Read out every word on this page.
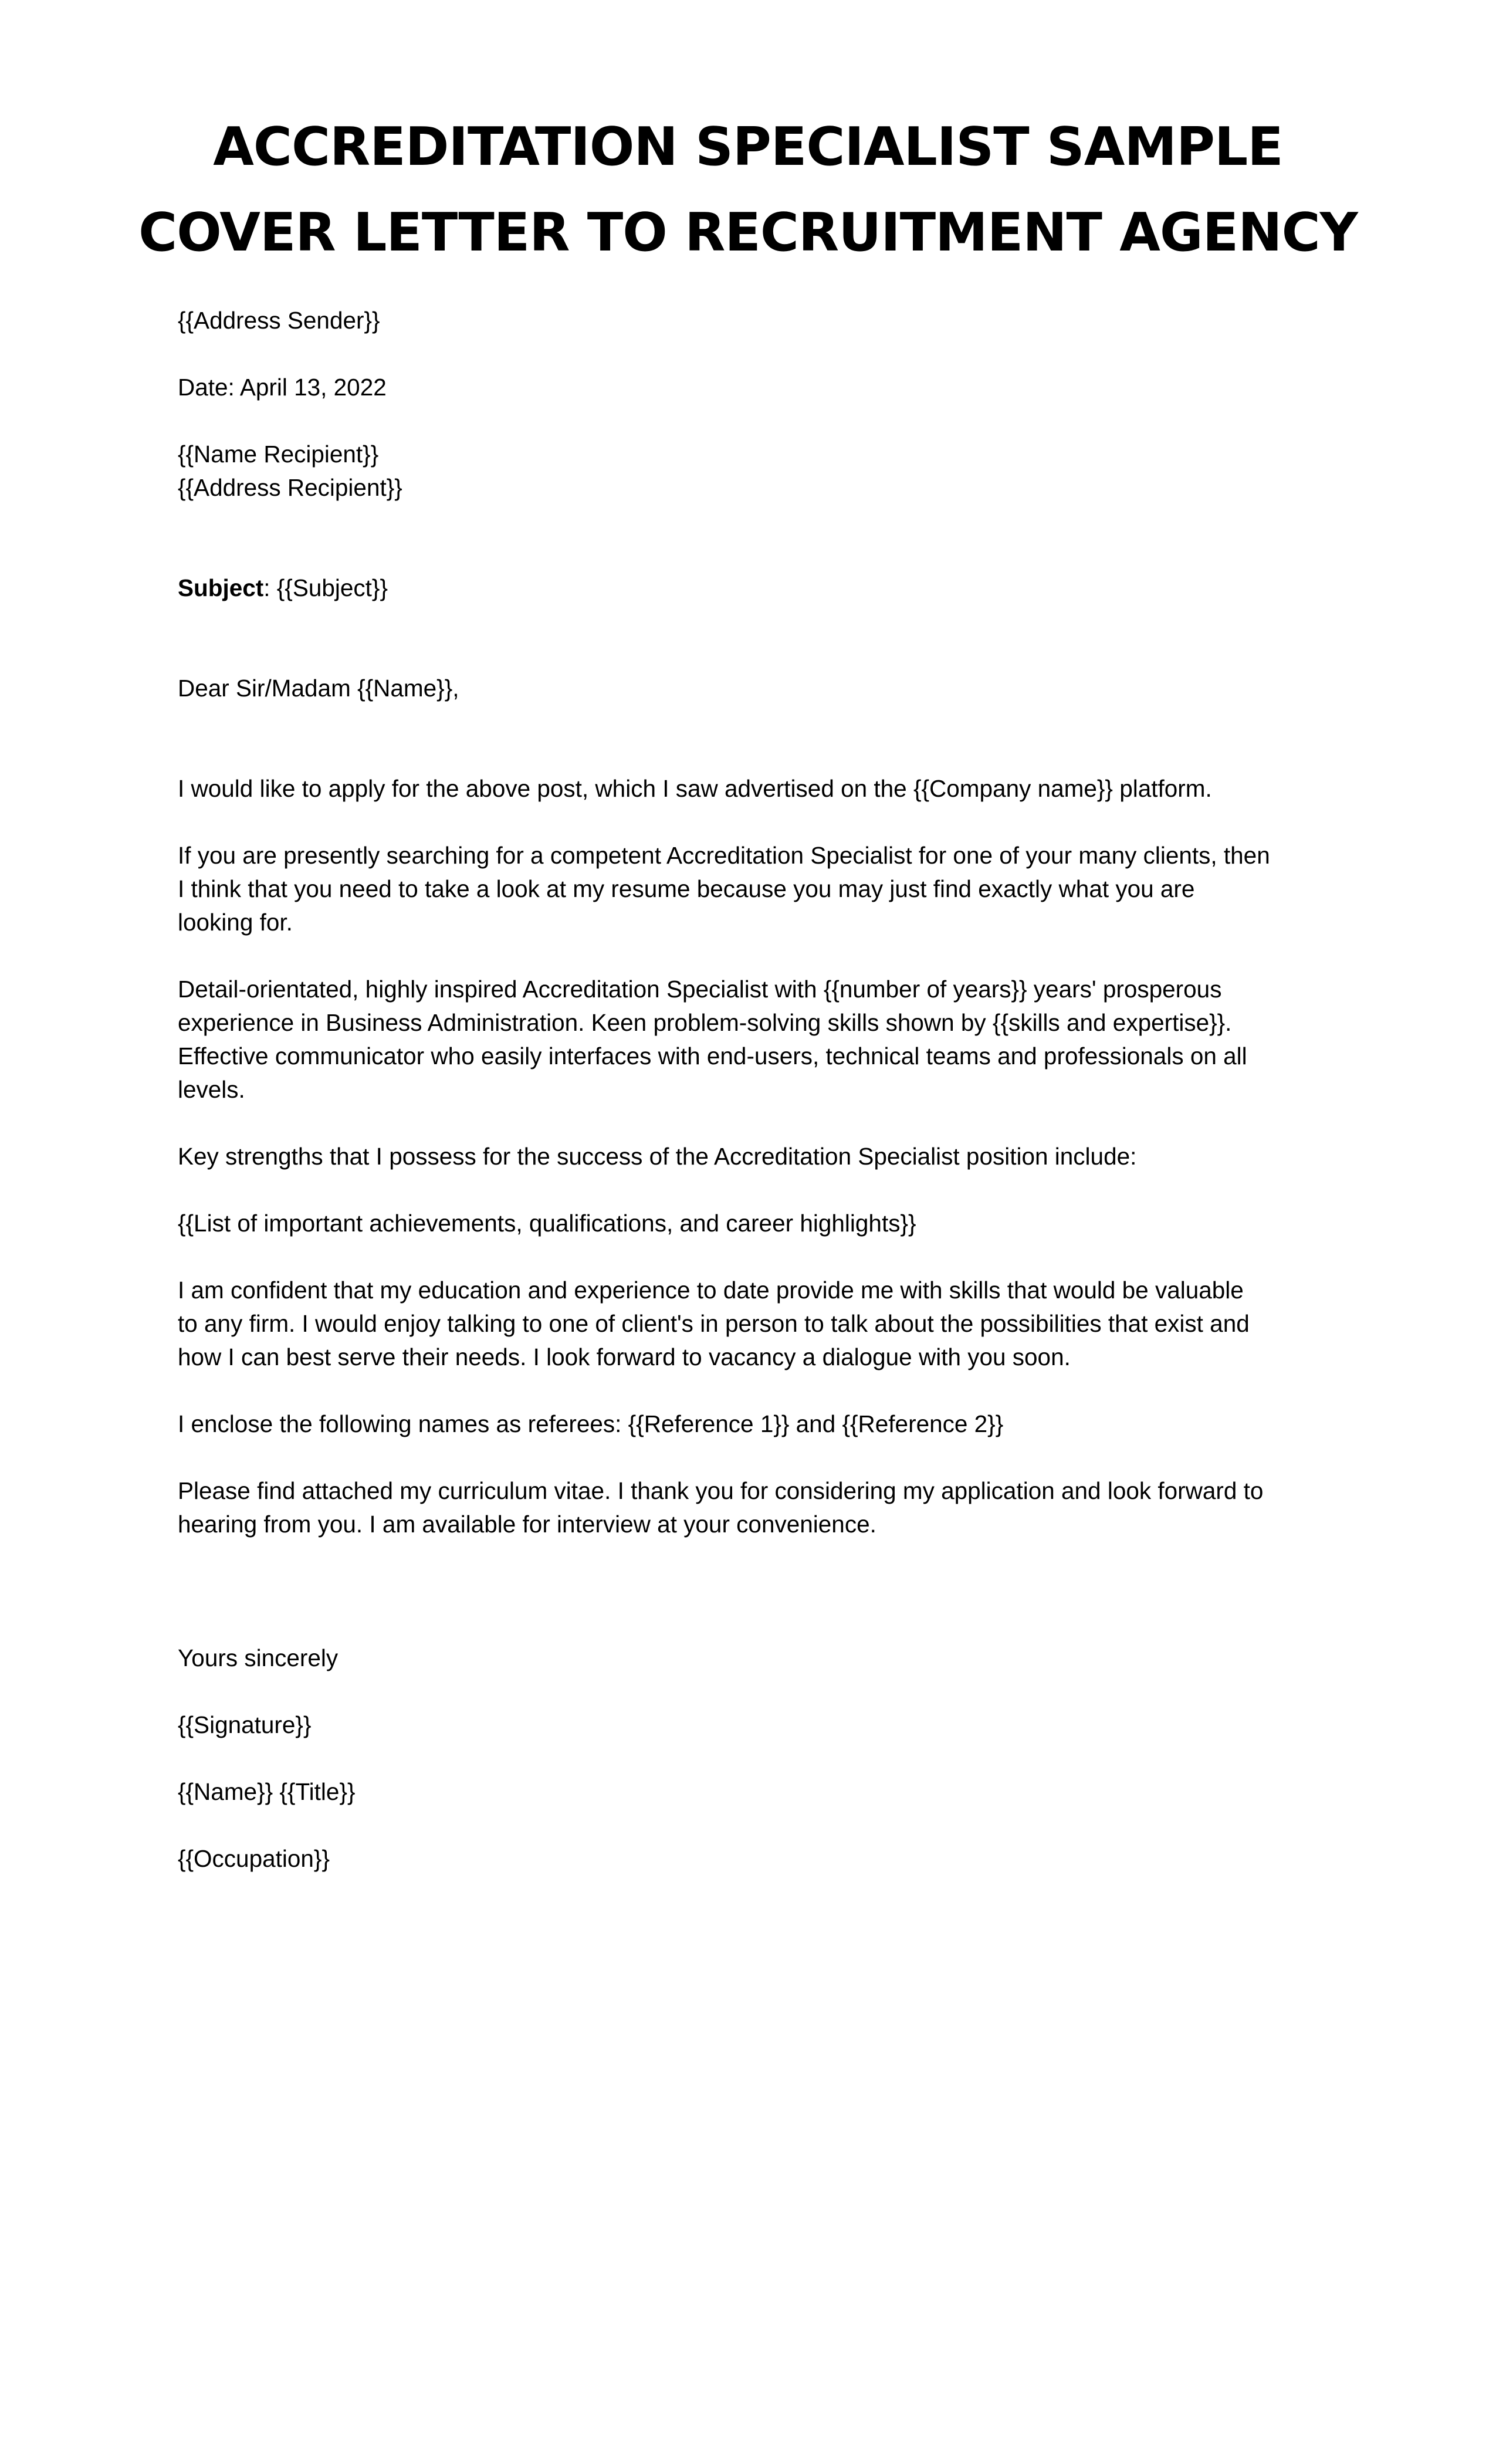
ACCREDITATION SPECIALIST SAMPLE
COVER LETTER TO RECRUITMENT AGENCY

{{Address Sender}}

Date: April 13, 2022

{{Name Recipient}}
{{Address Recipient}}

Subject: {{Subject}}

Dear Sir/Madam {{Name}},

I would like to apply for the above post, which I saw advertised on the {{Company name}} platform.

If you are presently searching for a competent Accreditation Specialist for one of your many clients, then
I think that you need to take a look at my resume because you may just find exactly what you are
looking for.

Detail-orientated, highly inspired Accreditation Specialist with {{number of years}} years' prosperous
experience in Business Administration. Keen problem-solving skills shown by {{skills and expertise}}.
Effective communicator who easily interfaces with end-users, technical teams and professionals on all
levels.

Key strengths that I possess for the success of the Accreditation Specialist position include:

{{List of important achievements, qualifications, and career highlights}}

I am confident that my education and experience to date provide me with skills that would be valuable
to any firm. I would enjoy talking to one of client's in person to talk about the possibilities that exist and
how I can best serve their needs. I look forward to vacancy a dialogue with you soon.

I enclose the following names as referees: {{Reference 1}} and {{Reference 2}}

Please find attached my curriculum vitae. I thank you for considering my application and look forward to
hearing from you. I am available for interview at your convenience.

Yours sincerely

{{Signature}}

{{Name}} {{Title}}

{{Occupation}}
